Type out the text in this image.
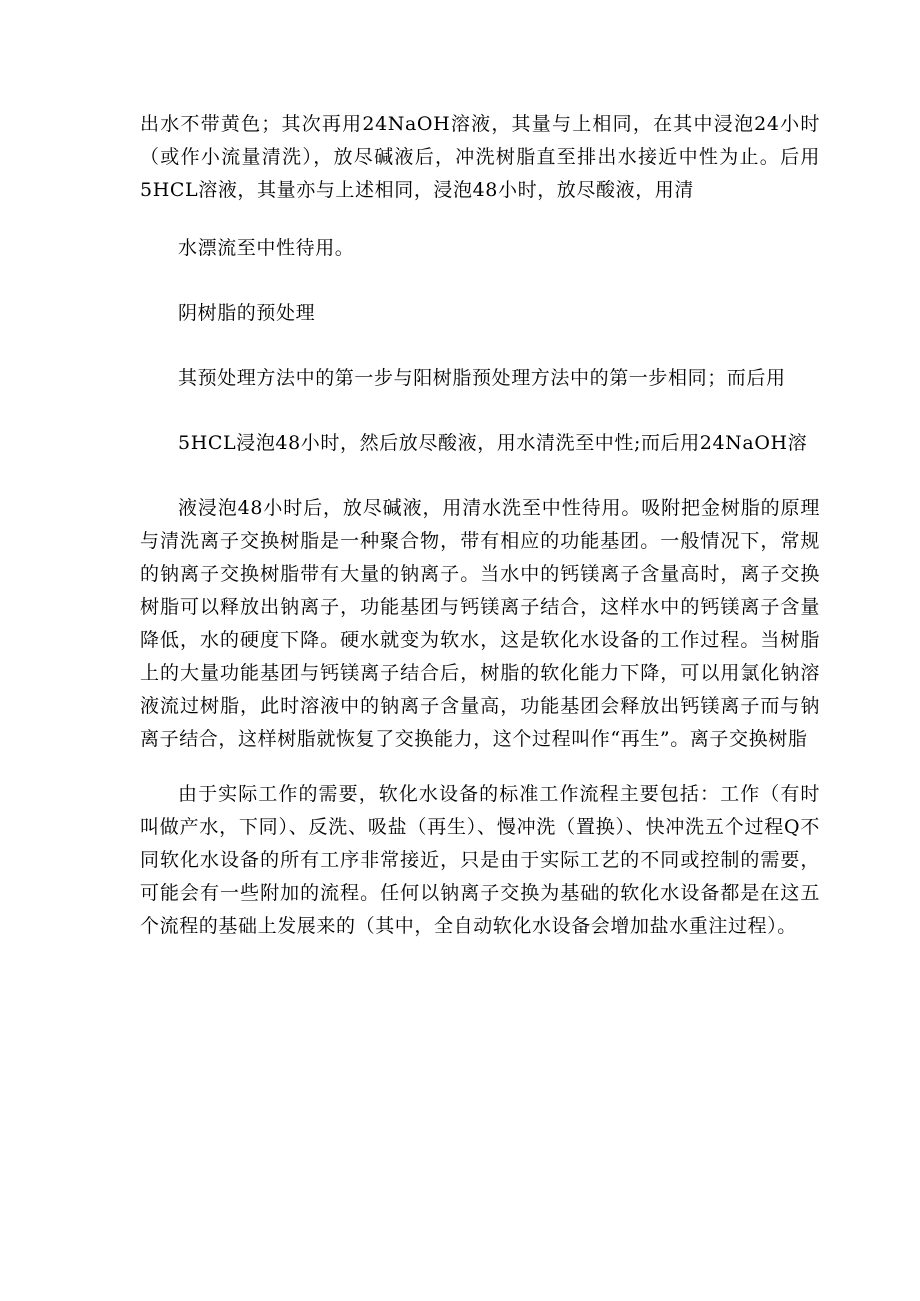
出水不带黄色；其次再用24NaOH溶液，其量与上相同，在其中浸泡24小时（或作小流量清洗），放尽碱液后，冲洗树脂直至排出水接近中性为止。后用5HCL溶液，其量亦与上述相同，浸泡48小时，放尽酸液，用清

水漂流至中性待用。

阴树脂的预处理

其预处理方法中的第一步与阳树脂预处理方法中的第一步相同；而后用

5HCL浸泡48小时，然后放尽酸液，用水清洗至中性;而后用24NaOH溶

液浸泡48小时后，放尽碱液，用清水洗至中性待用。吸附把金树脂的原理与清洗离子交换树脂是一种聚合物，带有相应的功能基团。一般情况下，常规的钠离子交换树脂带有大量的钠离子。当水中的钙镁离子含量高时，离子交换树脂可以释放出钠离子，功能基团与钙镁离子结合，这样水中的钙镁离子含量降低，水的硬度下降。硬水就变为软水，这是软化水设备的工作过程。当树脂上的大量功能基团与钙镁离子结合后，树脂的软化能力下降，可以用氯化钠溶液流过树脂，此时溶液中的钠离子含量高，功能基团会释放出钙镁离子而与钠离子结合，这样树脂就恢复了交换能力，这个过程叫作“再生”。离子交换树脂

由于实际工作的需要，软化水设备的标准工作流程主要包括：工作（有时叫做产水，下同）、反洗、吸盐（再生）、慢冲洗（置换）、快冲洗五个过程Q不同软化水设备的所有工序非常接近，只是由于实际工艺的不同或控制的需要，可能会有一些附加的流程。任何以钠离子交换为基础的软化水设备都是在这五个流程的基础上发展来的（其中，全自动软化水设备会增加盐水重注过程）。
